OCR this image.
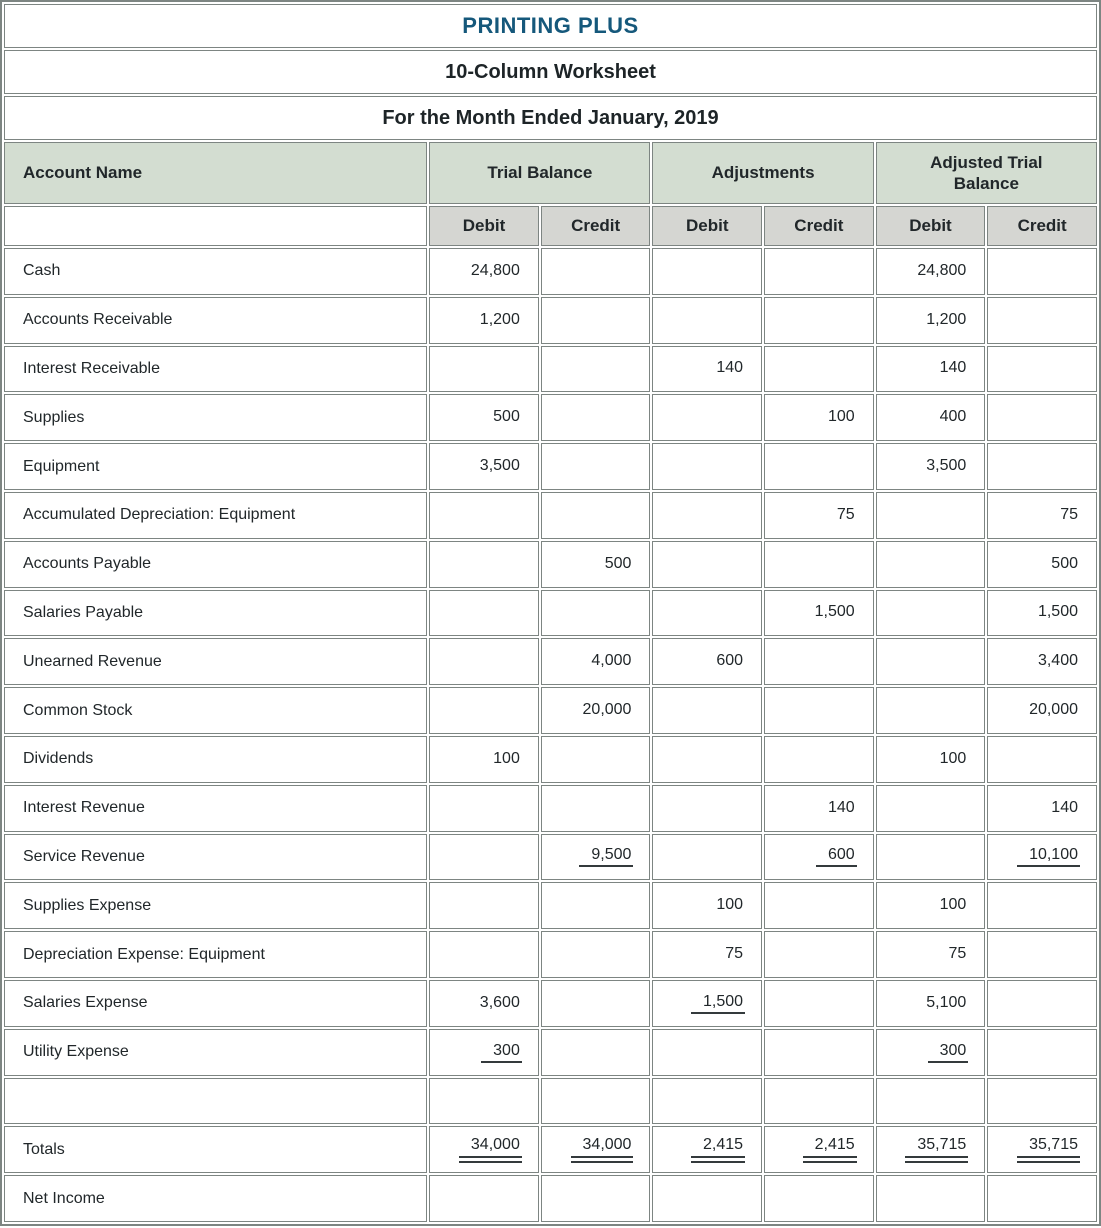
PRINTING PLUS						
10-Column Worksheet						
For the Month Ended January, 2019						
Account Name	Trial Balance		Adjustments		Adjusted Trial Balance	
	Debit	Credit	Debit	Credit	Debit	Credit
Cash	24,800				24,800	
Accounts Receivable	1,200				1,200	
Interest Receivable			140		140	
Supplies	500			100	400	
Equipment	3,500				3,500	
Accumulated Depreciation: Equipment				75		75
Accounts Payable		500				500
Salaries Payable				1,500		1,500
Unearned Revenue		4,000	600			3,400
Common Stock		20,000				20,000
Dividends	100				100	
Interest Revenue				140		140
Service Revenue		9,500		600		10,100
Supplies Expense			100		100	
Depreciation Expense: Equipment			75		75	
Salaries Expense	3,600		1,500		5,100	
Utility Expense	300				300	

Totals	34,000	34,000	2,415	2,415	35,715	35,715
Net Income						
